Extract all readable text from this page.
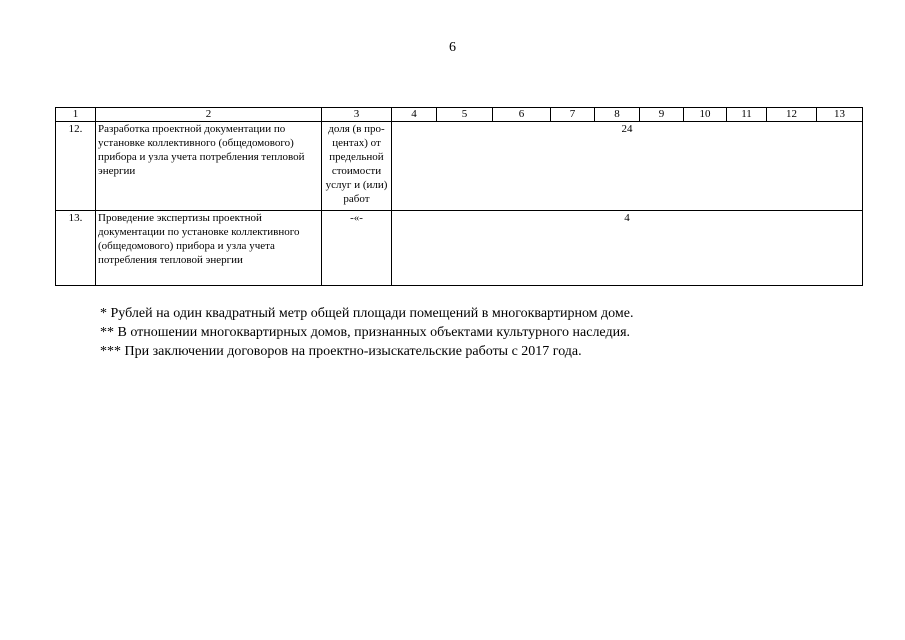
6
1	2	3	4	5	6	7	8	9	10	11	12	13
12.	Разработка проектной документации по установке коллективного (общедомового) прибора и узла учета потребления тепловой энергии	доля (в про-центах) от предельной стоимости услуг и (или) работ	24									
13.	Проведение экспертизы проектной документации по установке коллективного (общедомового) прибора и узла учета потребления тепловой энергии	-«-	4									
* Рублей на один квадратный метр общей площади помещений в многоквартирном доме.
** В отношении многоквартирных домов, признанных объектами культурного наследия.
*** При заключении договоров на проектно-изыскательские работы с 2017 года.
